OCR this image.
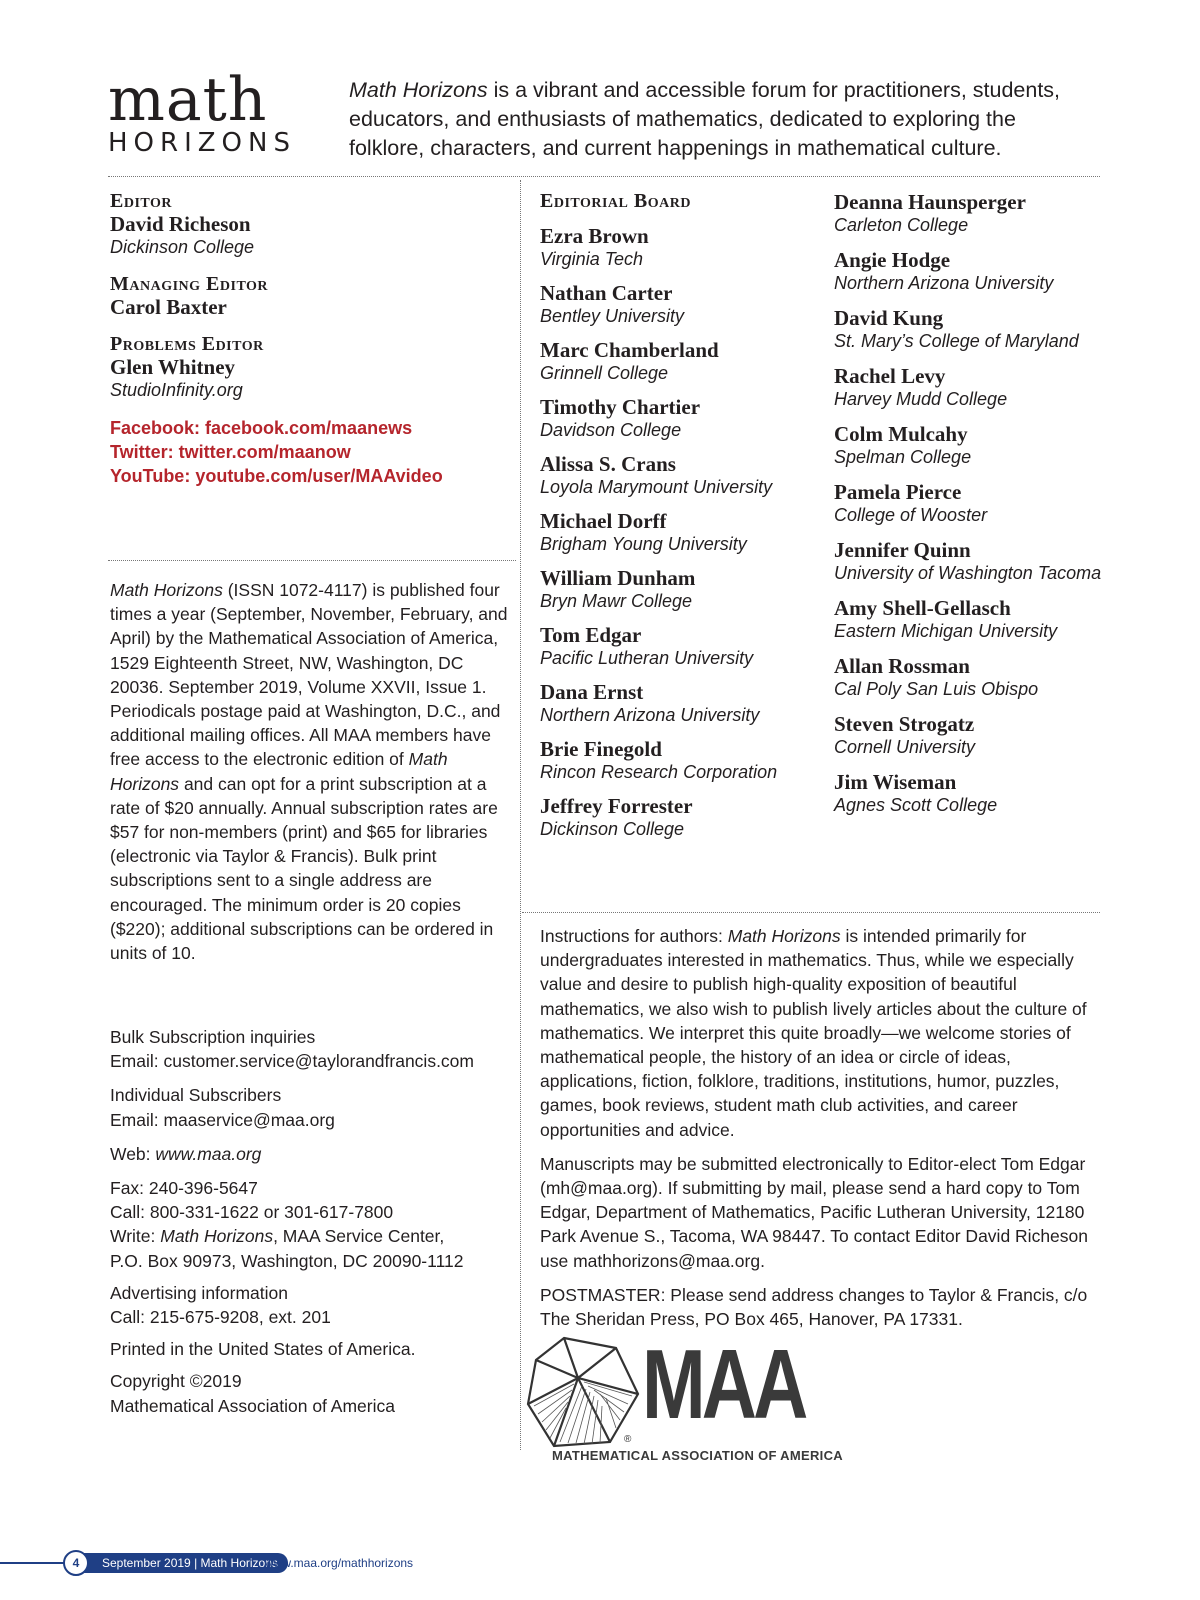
math
HORIZONS
Math Horizons is a vibrant and accessible forum for practitioners, students, educators, and enthusiasts of mathematics, dedicated to exploring the folklore, characters, and current happenings in mathematical culture.
Editor
David Richeson
Dickinson College
Managing Editor
Carol Baxter
Problems Editor
Glen Whitney
StudioInfinity.org
Facebook: facebook.com/maanews
Twitter: twitter.com/maanow
YouTube: youtube.com/user/MAAvideo
Math Horizons (ISSN 1072-4117) is published four times a year (September, November, February, and April) by the Mathematical Association of America, 1529 Eighteenth Street, NW, Washington, DC 20036. September 2019, Volume XXVII, Issue 1. Periodicals postage paid at Washington, D.C., and additional mailing offices. All MAA members have free access to the electronic edition of Math Horizons and can opt for a print subscription at a rate of $20 annually. Annual subscription rates are $57 for non-members (print) and $65 for libraries (electronic via Taylor & Francis). Bulk print subscriptions sent to a single address are encouraged. The minimum order is 20 copies ($220); additional subscriptions can be ordered in units of 10.
Bulk Subscription inquiries
Email: customer.service@taylorandfrancis.com
Individual Subscribers
Email: maaservice@maa.org
Web: www.maa.org
Fax: 240-396-5647
Call: 800-331-1622 or 301-617-7800
Write: Math Horizons, MAA Service Center,
P.O. Box 90973, Washington, DC 20090-1112
Advertising information
Call: 215-675-9208, ext. 201
Printed in the United States of America.
Copyright ©2019
Mathematical Association of America
Editorial Board
Ezra Brown
Virginia Tech
Nathan Carter
Bentley University
Marc Chamberland
Grinnell College
Timothy Chartier
Davidson College
Alissa S. Crans
Loyola Marymount University
Michael Dorff
Brigham Young University
William Dunham
Bryn Mawr College
Tom Edgar
Pacific Lutheran University
Dana Ernst
Northern Arizona University
Brie Finegold
Rincon Research Corporation
Jeffrey Forrester
Dickinson College
Deanna Haunsperger
Carleton College
Angie Hodge
Northern Arizona University
David Kung
St. Mary’s College of Maryland
Rachel Levy
Harvey Mudd College
Colm Mulcahy
Spelman College
Pamela Pierce
College of Wooster
Jennifer Quinn
University of Washington Tacoma
Amy Shell-Gellasch
Eastern Michigan University
Allan Rossman
Cal Poly San Luis Obispo
Steven Strogatz
Cornell University
Jim Wiseman
Agnes Scott College
Instructions for authors: Math Horizons is intended primarily for undergraduates interested in mathematics. Thus, while we especially value and desire to publish high-quality exposition of beautiful mathematics, we also wish to publish lively articles about the culture of mathematics. We interpret this quite broadly—we welcome stories of mathematical people, the history of an idea or circle of ideas, applications, fiction, folklore, traditions, institutions, humor, puzzles, games, book reviews, student math club activities, and career opportunities and advice.
Manuscripts may be submitted electronically to Editor-elect Tom Edgar (mh@maa.org). If submitting by mail, please send a hard copy to Tom Edgar, Department of Mathematics, Pacific Lutheran University, 12180 Park Avenue S., Tacoma, WA 98447. To contact Editor David Richeson use mathhorizons@maa.org.
POSTMASTER: Please send address changes to Taylor & Francis, c/o The Sheridan Press, PO Box 465, Hanover, PA 17331.
®
MAA
MATHEMATICAL ASSOCIATION OF AMERICA
September 2019 | Math Horizons
4	www.maa.org/mathhorizons
